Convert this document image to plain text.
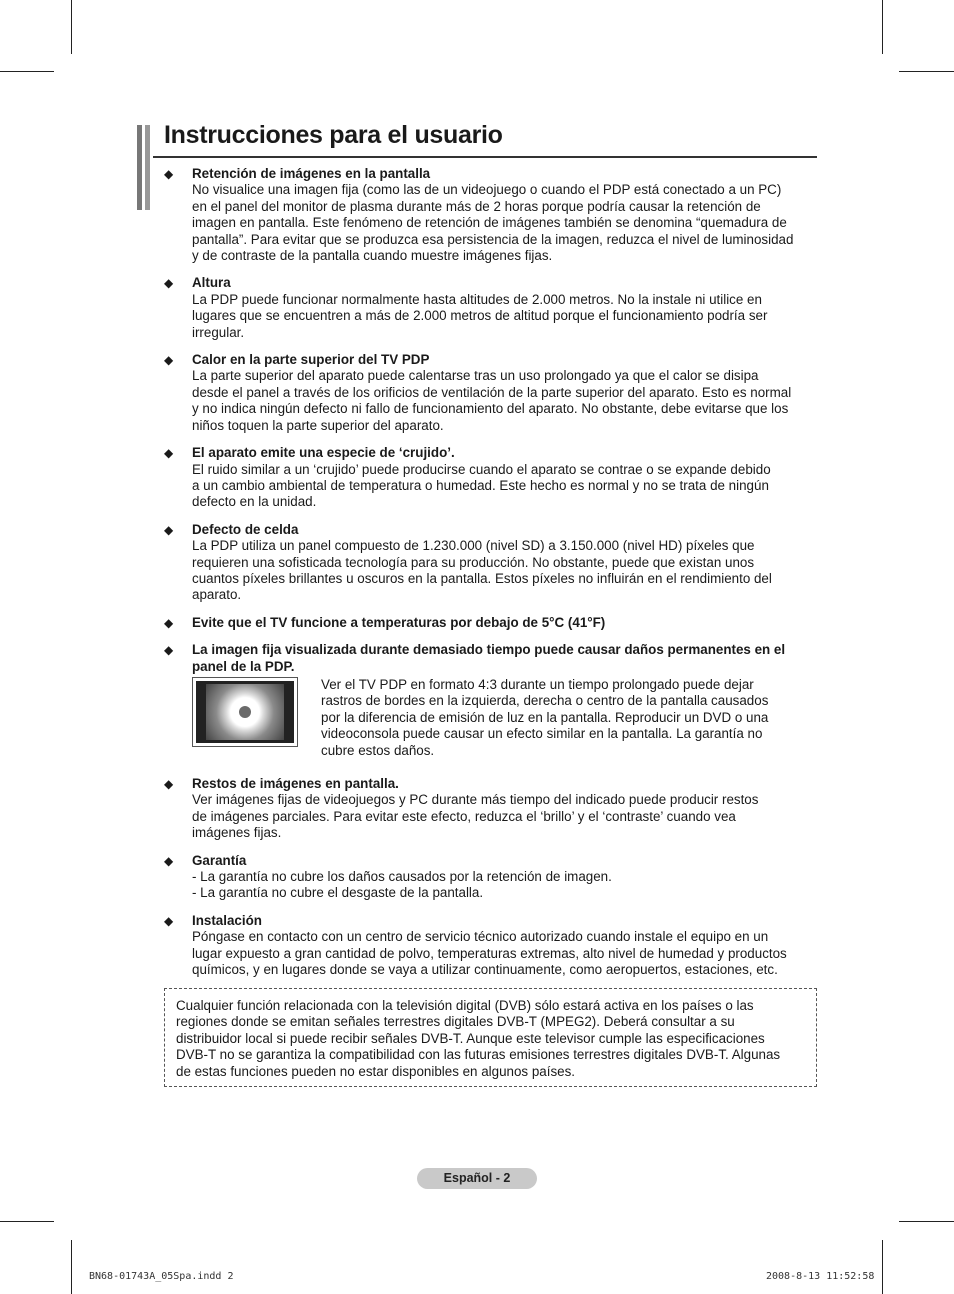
Instrucciones para el usuario
◆ Retención de imágenes en la pantalla
No visualice una imagen fija (como las de un videojuego o cuando el PDP está conectado a un PC)
en el panel del monitor de plasma durante más de 2 horas porque podría causar la retención de
imagen en pantalla. Este fenómeno de retención de imágenes también se denomina “quemadura de
pantalla”. Para evitar que se produzca esa persistencia de la imagen, reduzca el nivel de luminosidad
y de contraste de la pantalla cuando muestre imágenes fijas.
◆ Altura
La PDP puede funcionar normalmente hasta altitudes de 2.000 metros. No la instale ni utilice en
lugares que se encuentren a más de 2.000 metros de altitud porque el funcionamiento podría ser
irregular.
◆ Calor en la parte superior del TV PDP
La parte superior del aparato puede calentarse tras un uso prolongado ya que el calor se disipa
desde el panel a través de los orificios de ventilación de la parte superior del aparato. Esto es normal
y no indica ningún defecto ni fallo de funcionamiento del aparato. No obstante, debe evitarse que los
niños toquen la parte superior del aparato.
◆ El aparato emite una especie de ‘crujido’.
El ruido similar a un ‘crujido’ puede producirse cuando el aparato se contrae o se expande debido
a un cambio ambiental de temperatura o humedad. Este hecho es normal y no se trata de ningún
defecto en la unidad.
◆ Defecto de celda
La PDP utiliza un panel compuesto de 1.230.000 (nivel SD) a 3.150.000 (nivel HD) píxeles que
requieren una sofisticada tecnología para su producción. No obstante, puede que existan unos
cuantos píxeles brillantes u oscuros en la pantalla. Estos píxeles no influirán en el rendimiento del
aparato.
◆ Evite que el TV funcione a temperaturas por debajo de 5°C (41°F)
◆ La imagen fija visualizada durante demasiado tiempo puede causar daños permanentes en el
panel de la PDP.
Ver el TV PDP en formato 4:3 durante un tiempo prolongado puede dejar
rastros de bordes en la izquierda, derecha o centro de la pantalla causados
por la diferencia de emisión de luz en la pantalla. Reproducir un DVD o una
videoconsola puede causar un efecto similar en la pantalla. La garantía no
cubre estos daños.
◆ Restos de imágenes en pantalla.
Ver imágenes fijas de videojuegos y PC durante más tiempo del indicado puede producir restos
de imágenes parciales. Para evitar este efecto, reduzca el ‘brillo’ y el ‘contraste’ cuando vea
imágenes fijas.
◆ Garantía
- La garantía no cubre los daños causados por la retención de imagen.
- La garantía no cubre el desgaste de la pantalla.
◆ Instalación
Póngase en contacto con un centro de servicio técnico autorizado cuando instale el equipo en un
lugar expuesto a gran cantidad de polvo, temperaturas extremas, alto nivel de humedad y productos
químicos, y en lugares donde se vaya a utilizar continuamente, como aeropuertos, estaciones, etc.
Cualquier función relacionada con la televisión digital (DVB) sólo estará activa en los países o las
regiones donde se emitan señales terrestres digitales DVB-T (MPEG2). Deberá consultar a su
distribuidor local si puede recibir señales DVB-T. Aunque este televisor cumple las especificaciones
DVB-T no se garantiza la compatibilidad con las futuras emisiones terrestres digitales DVB-T. Algunas
de estas funciones pueden no estar disponibles en algunos países.
Español - 2
BN68-01743A_05Spa.indd 2	2008-8-13 11:52:58
